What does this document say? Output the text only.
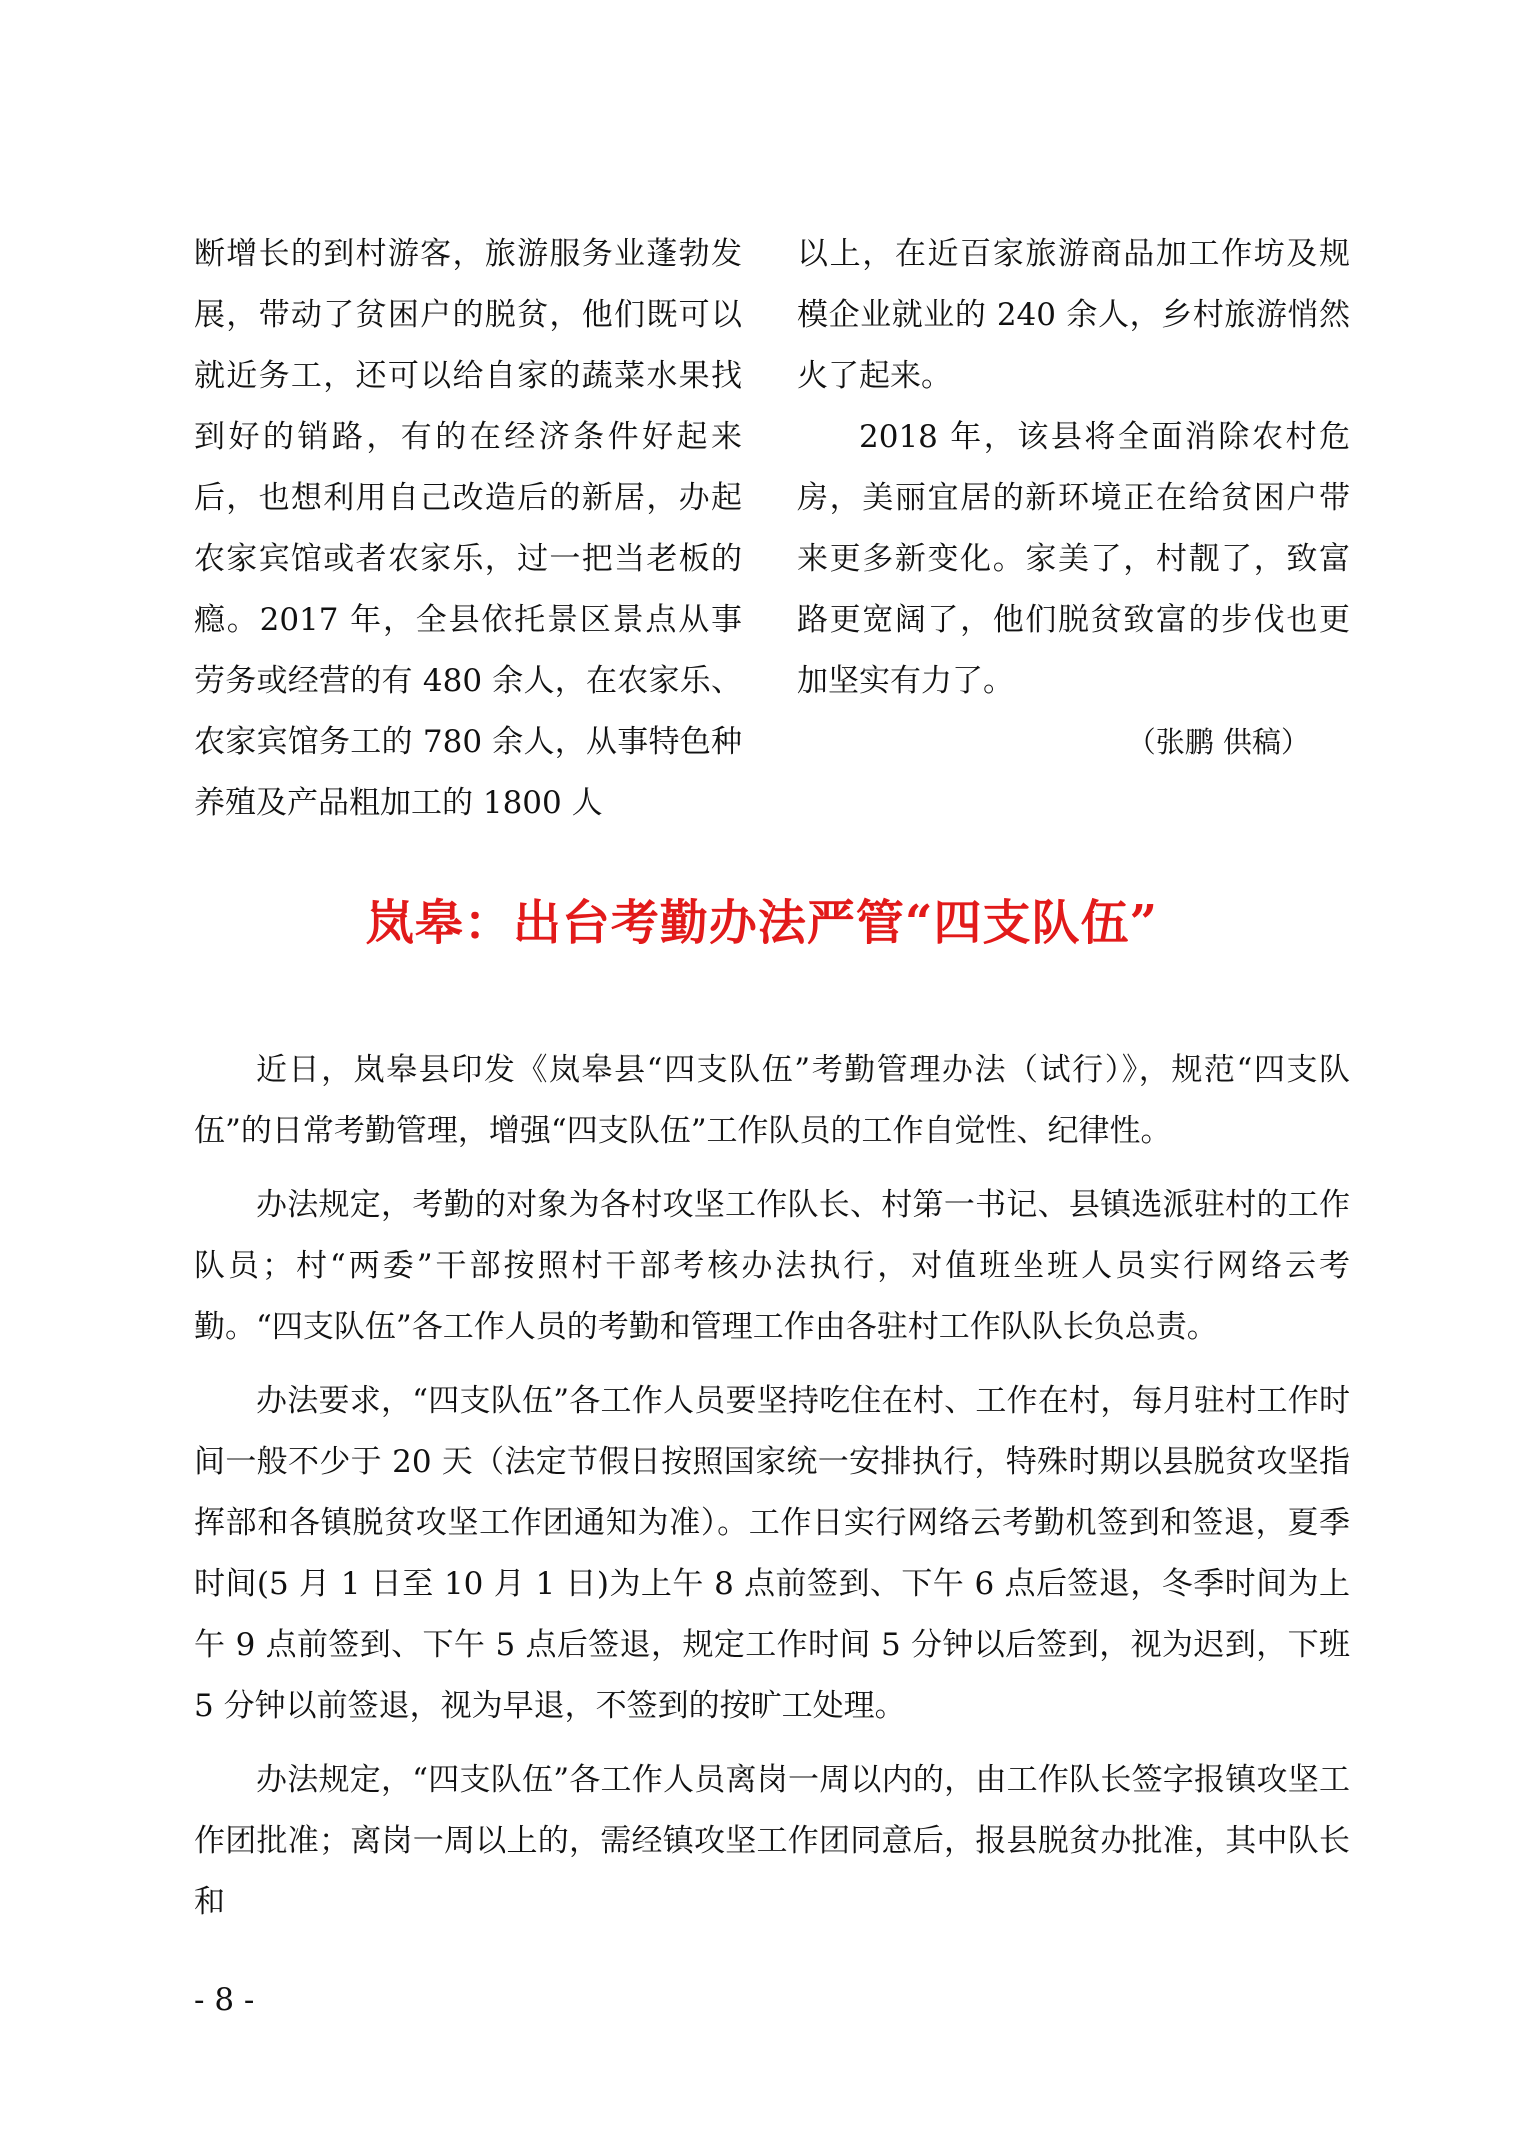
断增长的到村游客，旅游服务业蓬勃发展，带动了贫困户的脱贫，他们既可以就近务工，还可以给自家的蔬菜水果找到好的销路，有的在经济条件好起来后，也想利用自己改造后的新居，办起农家宾馆或者农家乐，过一把当老板的瘾。2017 年，全县依托景区景点从事劳务或经营的有 480 余人，在农家乐、农家宾馆务工的 780 余人，从事特色种养殖及产品粗加工的 1800 人

以上，在近百家旅游商品加工作坊及规模企业就业的 240 余人，乡村旅游悄然火了起来。

2018 年，该县将全面消除农村危房，美丽宜居的新环境正在给贫困户带来更多新变化。家美了，村靓了，致富路更宽阔了，他们脱贫致富的步伐也更加坚实有力了。

（张鹏 供稿）

岚皋：出台考勤办法严管“四支队伍”

近日，岚皋县印发《岚皋县“四支队伍”考勤管理办法（试行）》，规范“四支队伍”的日常考勤管理，增强“四支队伍”工作队员的工作自觉性、纪律性。

办法规定，考勤的对象为各村攻坚工作队长、村第一书记、县镇选派驻村的工作队员；村“两委”干部按照村干部考核办法执行，对值班坐班人员实行网络云考勤。“四支队伍”各工作人员的考勤和管理工作由各驻村工作队队长负总责。

办法要求，“四支队伍”各工作人员要坚持吃住在村、工作在村，每月驻村工作时间一般不少于 20 天（法定节假日按照国家统一安排执行，特殊时期以县脱贫攻坚指挥部和各镇脱贫攻坚工作团通知为准）。工作日实行网络云考勤机签到和签退，夏季时间(5 月 1 日至 10 月 1 日)为上午 8 点前签到、下午 6 点后签退，冬季时间为上午 9 点前签到、下午 5 点后签退，规定工作时间 5 分钟以后签到，视为迟到，下班 5 分钟以前签退，视为早退，不签到的按旷工处理。

办法规定，“四支队伍”各工作人员离岗一周以内的，由工作队长签字报镇攻坚工作团批准；离岗一周以上的，需经镇攻坚工作团同意后，报县脱贫办批准，其中队长和

- 8 -
